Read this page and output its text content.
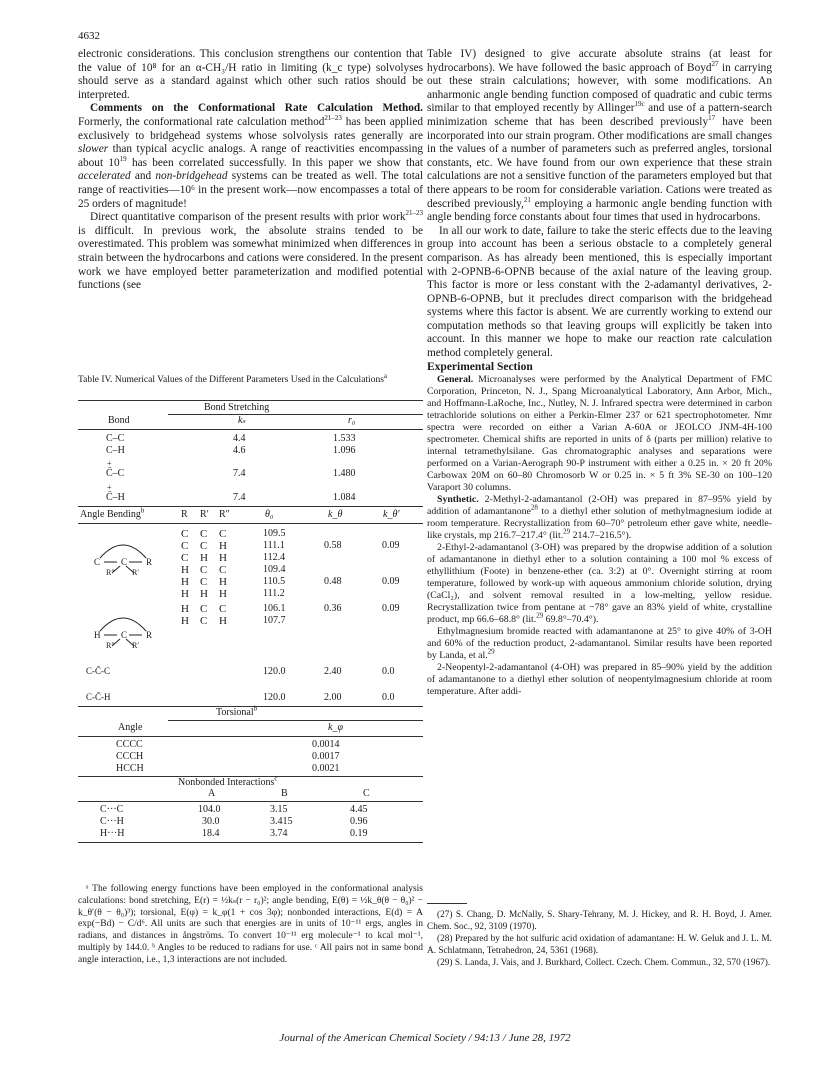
4632

electronic considerations. This conclusion strengthens our contention that the value of 10⁸ for an α-CH₃/H ratio in limiting (k_c type) solvolyses should serve as a standard against which other such ratios should be interpreted.

Comments on the Conformational Rate Calculation Method. Formerly, the conformational rate calculation method$^{21-23}$ has been applied exclusively to bridgehead systems whose solvolysis rates generally are slower than typical acyclic analogs. A range of reactivities encompassing about $10^{19}$ has been correlated successfully. In this paper we show that accelerated and non-bridgehead systems can be treated as well. The total range of reactivities—10⁶ in the present work—now encompasses a total of 25 orders of magnitude!

Direct quantitative comparison of the present results with prior work$^{21-23}$ is difficult. In previous work, the absolute strains tended to be overestimated. This problem was somewhat minimized when differences in strain between the hydrocarbons and cations were considered. In the present work we have employed better parameterization and modified potential functions (see

Table IV. Numerical Values of the Different Parameters Used in the Calculations$^a$
Bond Stretching
Bond	kₛ	r₀
C–C	4.4	1.533
C–H	4.6	1.096
+
C̄–C	7.4	1.480
+
C̄–H	7.4	1.084
Angle Bending$^b$	R R′ R″	θ₀	k_θ	k_θ′
C C R
R″ R′
C C C	109.5
C C H	111.1	0.58	0.09
C H H	112.4
H C C	109.4
H C H	110.5	0.48	0.09
H H H	111.2
H C R
R″ R′
H C C	106.1	0.36	0.09
H C H	107.7
C-C̄-C	120.0	2.40	0.0
C-C̄-H	120.0	2.00	0.0
Torsional$^b$
Angle	k_φ
CCCC	0.0014
CCCH	0.0017
HCCH	0.0021
Nonbonded Interactions$^c$
A	B	C
C···C	104.0	3.15	4.45
C···H	30.0	3.415	0.96
H···H	18.4	3.74	0.19

ᵃ The following energy functions have been employed in the conformational analysis calculations: bond stretching, E(r) = ½kₛ(r − r₀)²; angle bending, E(θ) = ½k_θ(θ − θ₀)² − k_θ′(θ − θ₀)³); torsional, E(φ) = k_φ(1 + cos 3φ); nonbonded interactions, E(d) = A exp(−Bd) − C/d⁶. All units are such that energies are in units of 10⁻¹¹ ergs, angles in radians, and distances in ångströms. To convert 10⁻¹¹ erg molecule⁻¹ to kcal mol⁻¹, multiply by 144.0. ᵇ Angles to be reduced to radians for use. ᶜ All pairs not in same bond angle interaction, i.e., 1,3 interactions are not included.

Table IV) designed to give accurate absolute strains (at least for hydrocarbons). We have followed the basic approach of Boyd$^{27}$ in carrying out these strain calculations; however, with some modifications. An anharmonic angle bending function composed of quadratic and cubic terms similar to that employed recently by Allinger$^{19c}$ and use of a pattern-search minimization scheme that has been described previously$^{17}$ have been incorporated into our strain program. Other modifications are small changes in the values of a number of parameters such as preferred angles, torsional constants, etc. We have found from our own experience that these strain calculations are not a sensitive function of the parameters employed but that there appears to be room for considerable variation. Cations were treated as described previously,$^{21}$ employing a harmonic angle bending function with angle bending force constants about four times that used in hydrocarbons.

In all our work to date, failure to take the steric effects due to the leaving group into account has been a serious obstacle to a completely general comparison. As has already been mentioned, this is especially important with 2-OPNB-6-OPNB because of the axial nature of the leaving group. This factor is more or less constant with the 2-adamantyl derivatives, 2-OPNB-6-OPNB, but it precludes direct comparison with the bridgehead systems where this factor is absent. We are currently working to extend our computation methods so that leaving groups will explicitly be taken into account. In this manner we hope to make our reaction rate calculation method completely general.

Experimental Section

General. Microanalyses were performed by the Analytical Department of FMC Corporation, Princeton, N. J., Spang Microanalytical Laboratory, Ann Arbor, Mich., and Hoffmann-LaRoche, Inc., Nutley, N. J. Infrared spectra were determined in carbon tetrachloride solutions on either a Perkin-Elmer 237 or 621 spectrophotometer. Nmr spectra were recorded on either a Varian A-60A or JEOLCO JNM-4H-100 spectrometer. Chemical shifts are reported in units of δ (parts per million) relative to internal tetramethylsilane. Gas chromatographic analyses and separations were performed on a Varian-Aerograph 90-P instrument with either a 0.25 in. × 20 ft 20% Carbowax 20M on 60–80 Chromosorb W or 0.25 in. × 5 ft 3% SE-30 on 100–120 Varaport 30 columns.

Synthetic. 2-Methyl-2-adamantanol (2-OH) was prepared in 87–95% yield by addition of adamantanone$^{28}$ to a diethyl ether solution of methylmagnesium iodide at room temperature. Recrystallization from 60–70° petroleum ether gave white, needle-like crystals, mp 216.7–217.4° (lit.$^{29}$ 214.7–216.5°).

2-Ethyl-2-adamantanol (3-OH) was prepared by the dropwise addition of a solution of adamantanone in diethyl ether to a solution containing a 100 mol % excess of ethyllithium (Foote) in benzene-ether (ca. 3:2) at 0°. Overnight stirring at room temperature, followed by work-up with aqueous ammonium chloride solution, drying (CaCl₂), and solvent removal resulted in a low-melting, yellow residue. Recrystallization twice from pentane at −78° gave an 83% yield of white, crystalline product, mp 66.6–68.8° (lit.$^{29}$ 69.8°–70.4°).

Ethylmagnesium bromide reacted with adamantanone at 25° to give 40% of 3-OH and 60% of the reduction product, 2-adamantanol. Similar results have been reported by Landa, et al.$^{29}$

2-Neopentyl-2-adamantanol (4-OH) was prepared in 85–90% yield by the addition of adamantanone to a diethyl ether solution of neopentylmagnesium chloride at room temperature. After addi-

(27) S. Chang, D. McNally, S. Shary-Tehrany, M. J. Hickey, and R. H. Boyd, J. Amer. Chem. Soc., 92, 3109 (1970).

(28) Prepared by the hot sulfuric acid oxidation of adamantane: H. W. Geluk and J. L. M. A. Schlatmann, Tetrahedron, 24, 5361 (1968).

(29) S. Landa, J. Vais, and J. Burkhard, Collect. Czech. Chem. Commun., 32, 570 (1967).

Journal of the American Chemical Society / 94:13 / June 28, 1972
